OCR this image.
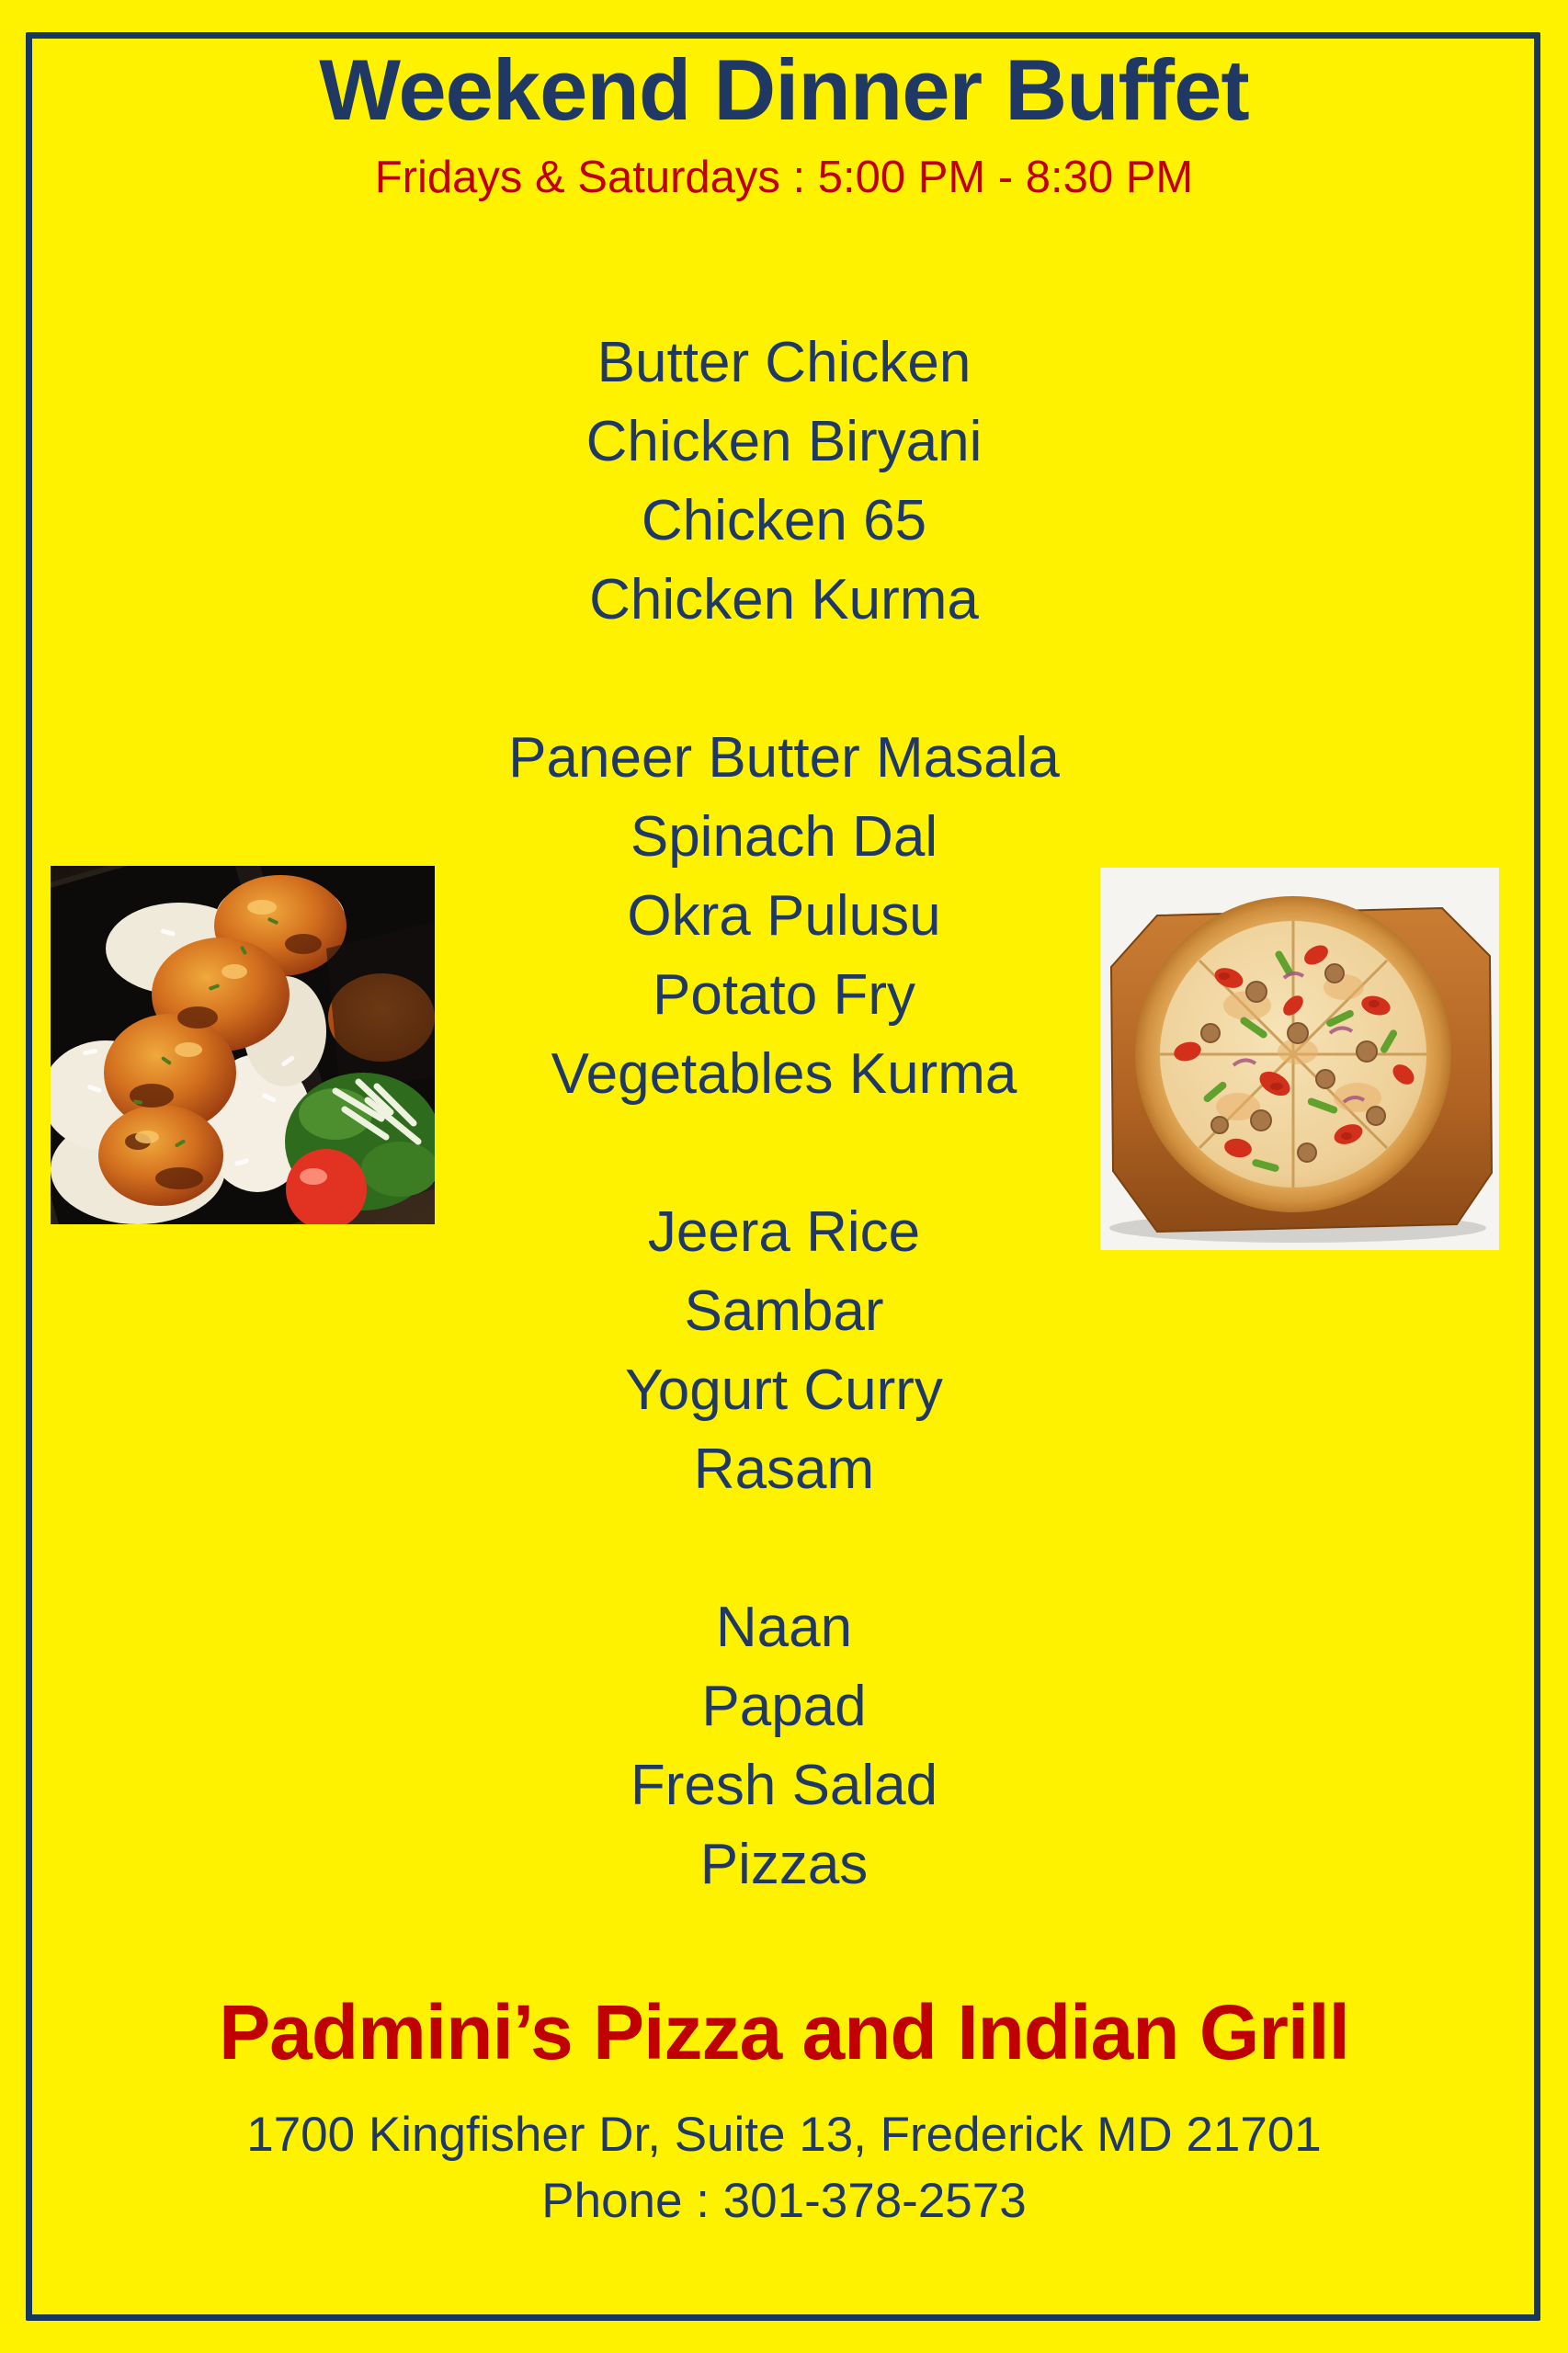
Weekend Dinner Buffet
Fridays & Saturdays : 5:00 PM - 8:30 PM
Butter Chicken
Chicken Biryani
Chicken 65
Chicken Kurma
Paneer Butter Masala
Spinach Dal
Okra Pulusu
Potato Fry
Vegetables Kurma
Jeera Rice
Sambar
Yogurt Curry
Rasam
Naan
Papad
Fresh Salad
Pizzas
Padmini’s Pizza and Indian Grill
1700 Kingfisher Dr, Suite 13, Frederick MD 21701
Phone : 301-378-2573
